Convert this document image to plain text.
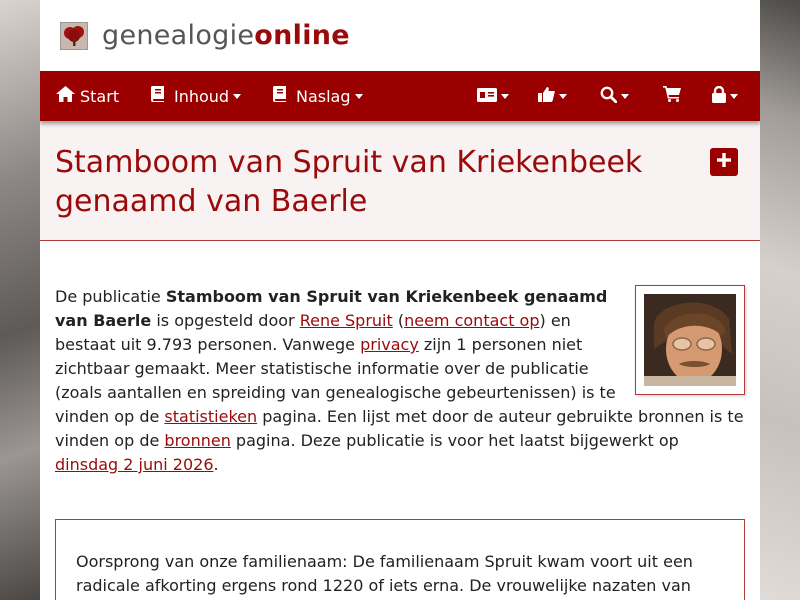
genealogieonline
Start	Inhoud	Naslag
Stamboom van Spruit van Kriekenbeek genaamd van Baerle

De publicatie Stamboom van Spruit van Kriekenbeek genaamd van Baerle is opgesteld door Rene Spruit (neem contact op) en bestaat uit 9.793 personen. Vanwege privacy zijn 1 personen niet zichtbaar gemaakt. Meer statistische informatie over de publicatie (zoals aantallen en spreiding van genealogische gebeurtenissen) is te vinden op de statistieken pagina. Een lijst met door de auteur gebruikte bronnen is te vinden op de bronnen pagina. Deze publicatie is voor het laatst bijgewerkt op dinsdag 2 juni 2026.

Oorsprong van onze familienaam: De familienaam Spruit kwam voort uit een radicale afkorting ergens rond 1220 of iets erna. De vrouwelijke nazaten van
